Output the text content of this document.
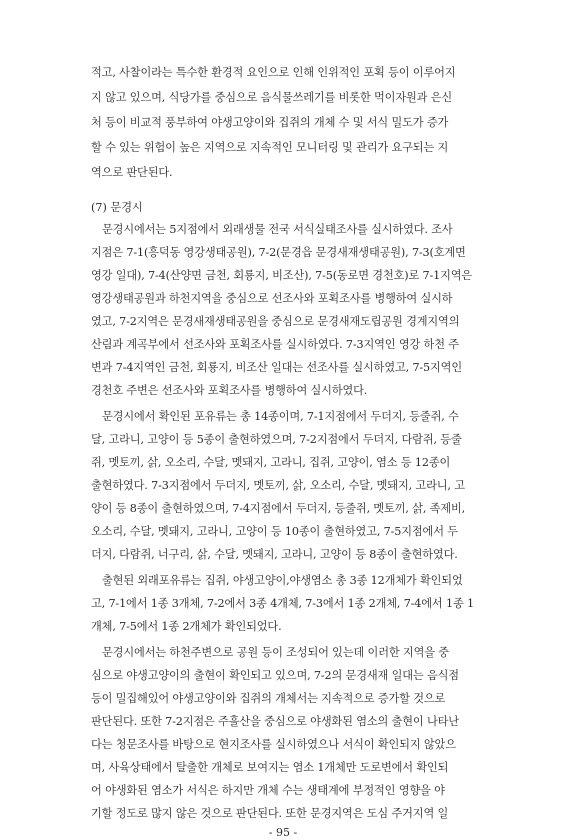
적고, 사찰이라는 특수한 환경적 요인으로 인해 인위적인 포획 등이 이루어지
지 않고 있으며, 식당가를 중심으로 음식물쓰레기를 비롯한 먹이자원과 은신
처 등이 비교적 풍부하여 야생고양이와 집쥐의 개체 수 및 서식 밀도가 증가
할 수 있는 위험이 높은 지역으로 지속적인 모니터링 및 관리가 요구되는 지
역으로 판단된다.
(7) 문경시
문경시에서는 5지점에서 외래생물 전국 서식실태조사를 실시하였다. 조사
지점은 7-1(흥덕동 영강생태공원), 7-2(문경읍 문경새재생태공원), 7-3(호계면
영강 일대), 7-4(산양면 금천, 회룡지, 비조산), 7-5(동로면 경천호)로 7-1지역은
영강생태공원과 하천지역을 중심으로 선조사와 포획조사를 병행하여 실시하
였고, 7-2지역은 문경새재생태공원을 중심으로 문경새재도립공원 경계지역의
산림과 계곡부에서 선조사와 포획조사를 실시하였다. 7-3지역인 영강 하천 주
변과 7-4지역인 금천, 회룡지, 비조산 일대는 선조사를 실시하였고, 7-5지역인
경천호 주변은 선조사와 포획조사를 병행하여 실시하였다.
문경시에서 확인된 포유류는 총 14종이며, 7-1지점에서 두더지, 등줄쥐, 수
달, 고라니, 고양이 등 5종이 출현하였으며, 7-2지점에서 두더지, 다람쥐, 등줄
쥐, 멧토끼, 삵, 오소리, 수달, 멧돼지, 고라니, 집쥐, 고양이, 염소 등 12종이
출현하였다. 7-3지점에서 두더지, 멧토끼, 삵, 오소리, 수달, 멧돼지, 고라니, 고
양이 등 8종이 출현하였으며, 7-4지점에서 두더지, 등줄쥐, 멧토끼, 삵, 족제비,
오소리, 수달, 멧돼지, 고라니, 고양이 등 10종이 출현하였고, 7-5지점에서 두
더지, 다람쥐, 너구리, 삵, 수달, 멧돼지, 고라니, 고양이 등 8종이 출현하였다.
출현된 외래포유류는 집쥐, 야생고양이,야생염소 총 3종 12개체가 확인되었
고, 7-1에서 1종 3개체, 7-2에서 3종 4개체, 7-3에서 1종 2개체, 7-4에서 1종 1
개체, 7-5에서 1종 2개체가 확인되었다.
문경시에서는 하천주변으로 공원 등이 조성되어 있는데 이러한 지역을 중
심으로 야생고양이의 출현이 확인되고 있으며, 7-2의 문경새재 일대는 음식점
등이 밀집해있어 야생고양이와 집쥐의 개체서는 지속적으로 증가할 것으로
판단된다. 또한 7-2지점은 주흘산을 중심으로 야생화된 염소의 출현이 나타난
다는 청문조사를 바탕으로 현지조사를 실시하였으나 서식이 확인되지 않았으
며, 사육상태에서 탈출한 개체로 보여지는 염소 1개체만 도로변에서 확인되
어 야생화된 염소가 서식은 하지만 개체 수는 생태계에 부정적인 영향을 야
기할 정도로 많지 않은 것으로 판단된다. 또한 문경지역은 도심 주거지역 일
- 95 -
